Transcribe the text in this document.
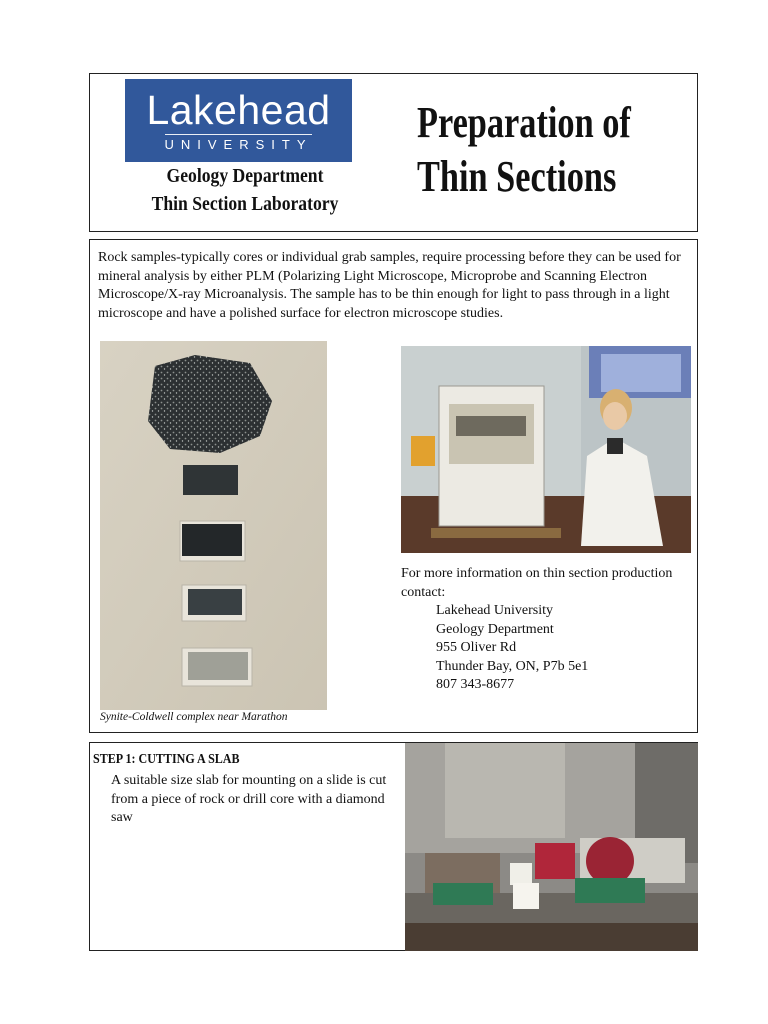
Lakehead
UNIVERSITY
Geology Department
Thin Section Laboratory
Preparation of
Thin Sections
Rock samples-typically cores or individual grab samples, require processing before they can be used for mineral analysis by either PLM (Polarizing Light Microscope, Microprobe and Scanning Electron Microscope/X-ray Microanalysis. The sample has to be thin enough for light to pass through in a light microscope and have a polished surface for electron microscope studies.
Synite-Coldwell complex near Marathon
For more information on thin section production contact:
Lakehead University
Geology Department
955 Oliver Rd
Thunder Bay, ON, P7b 5e1
807 343-8677
STEP 1: CUTTING A SLAB
A suitable size slab for mounting on a slide is cut from a piece of rock or drill core with a diamond saw
